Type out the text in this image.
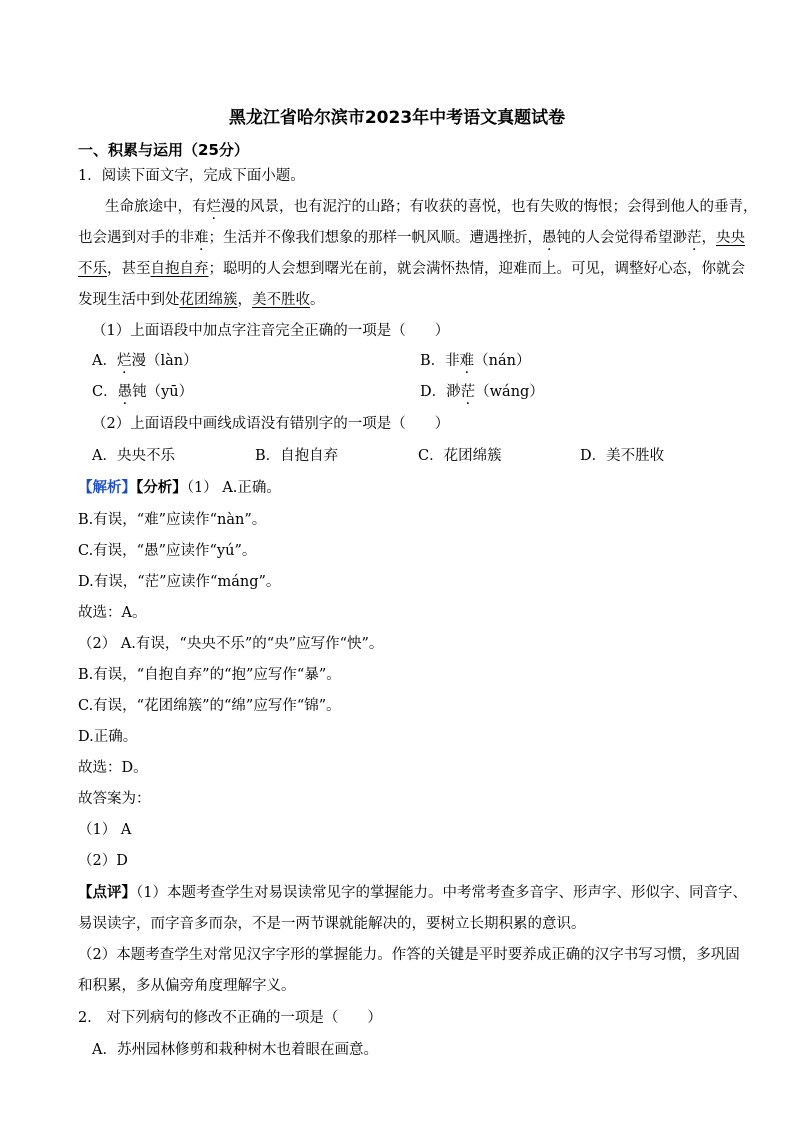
黑龙江省哈尔滨市2023年中考语文真题试卷
一、积累与运用（25分）
1．阅读下面文字，完成下面小题。
生命旅途中，有烂漫的风景，也有泥泞的山路；有收获的喜悦，也有失败的悔恨；会得到他人的垂青，
也会遇到对手的非难；生活并不像我们想象的那样一帆风顺。遭遇挫折，愚钝的人会觉得希望渺茫，央央
不乐，甚至自抱自弃；聪明的人会想到曙光在前，就会满怀热情，迎难而上。可见，调整好心态，你就会
发现生活中到处花团绵簇，美不胜收。
（1）上面语段中加点字注音完全正确的一项是（　　）
A．烂漫（làn）	B．非难（nán）
C．愚钝（yū）	D．渺茫（wáng）
（2）上面语段中画线成语没有错别字的一项是（　　）
A．央央不乐	B．自抱自弃	C．花团绵簇	D．美不胜收
【解析】【分析】（1） A.正确。
B.有误，“难”应读作“nàn”。
C.有误，“愚”应读作“yú”。
D.有误，“茫”应读作“máng”。
故选：A。
（2） A.有误，“央央不乐”的“央”应写作“怏”。
B.有误，“自抱自弃”的“抱”应写作“暴”。
C.有误，“花团绵簇”的“绵”应写作“锦”。
D.正确。
故选：D。
故答案为：
（1） A
（2）D
【点评】（1）本题考查学生对易误读常见字的掌握能力。中考常考查多音字、形声字、形似字、同音字、
易误读字，而字音多而杂，不是一两节课就能解决的，要树立长期积累的意识。
（2）本题考查学生对常见汉字字形的掌握能力。作答的关键是平时要养成正确的汉字书写习惯，多巩固
和积累，多从偏旁角度理解字义。
2． 对下列病句的修改不正确的一项是（　　）
A．苏州园林修剪和栽种树木也着眼在画意。
